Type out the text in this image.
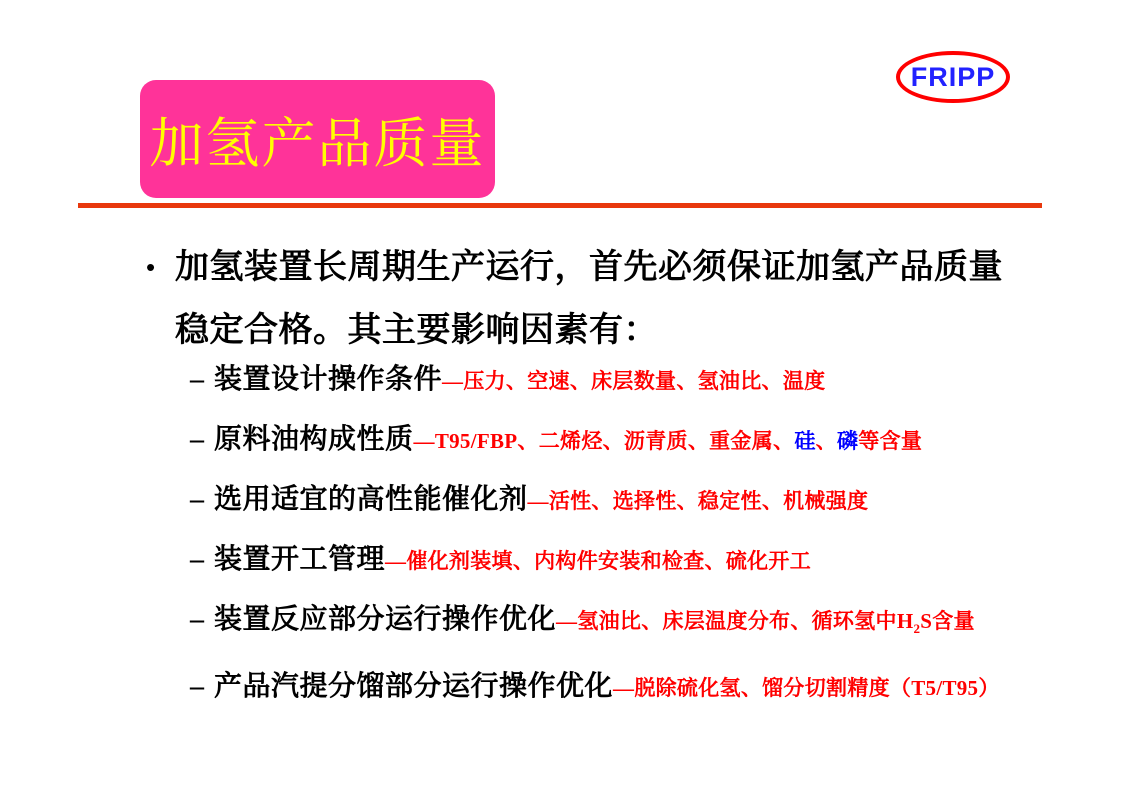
FRIPP
加氢产品质量
• 加氢装置长周期生产运行，首先必须保证加氢产品质量稳定合格。其主要影响因素有：
– 装置设计操作条件 —压力、空速、床层数量、氢油比、温度
– 原料油构成性质 —T95/FBP、二烯烃、沥青质、重金属、硅、磷等含量
– 选用适宜的高性能催化剂 —活性、选择性、稳定性、机械强度
– 装置开工管理 —催化剂装填、内构件安装和检查、硫化开工
– 装置反应部分运行操作优化 —氢油比、床层温度分布、循环氢中$H_2S$含量
– 产品汽提分馏部分运行操作优化 —脱除硫化氢、馏分切割精度（T5/T95）
